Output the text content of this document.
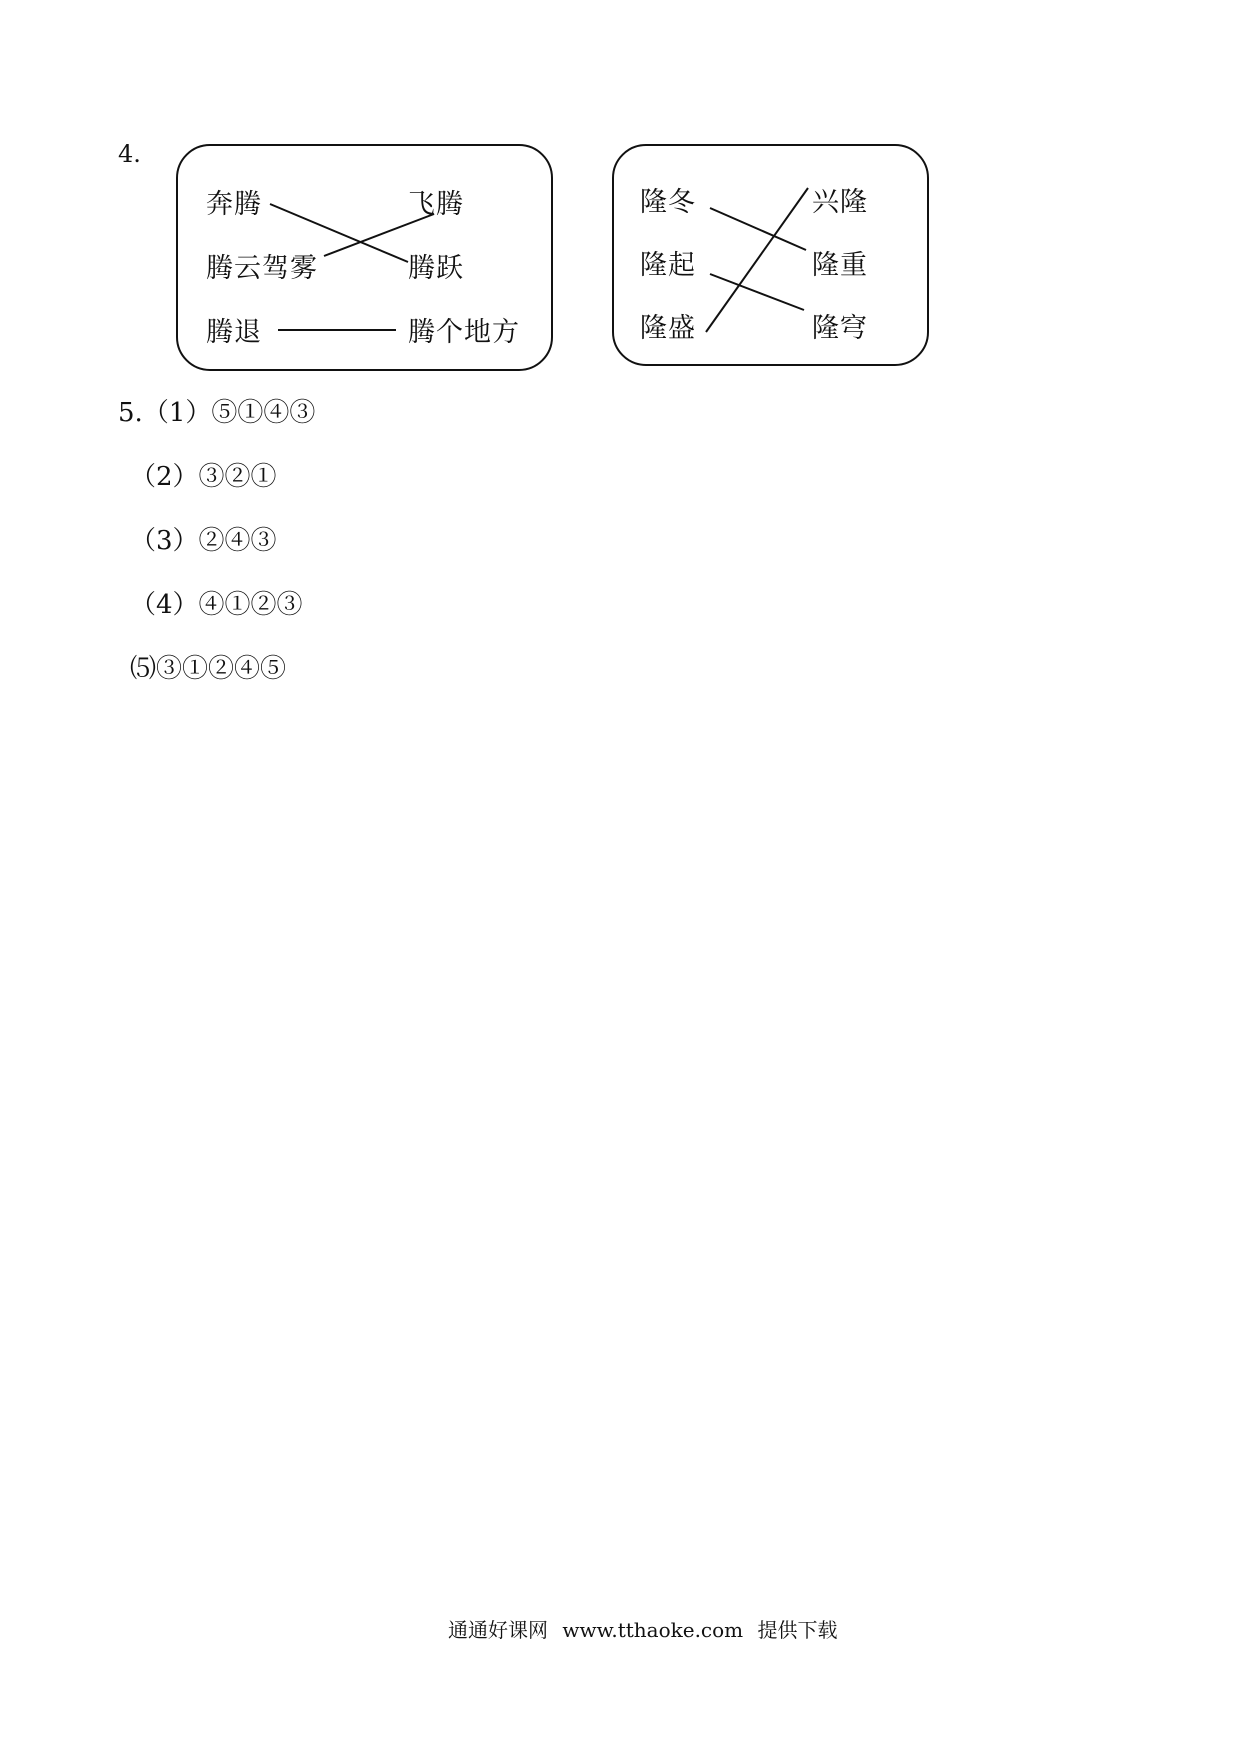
4.
奔腾
腾云驾雾
腾退
飞腾
腾跃
腾个地方
隆冬
隆起
隆盛
兴隆
隆重
隆穹
5.（1）⑤①④③
（2）③②①
（3）②④③
（4）④①②③
⑸③①②④⑤
通通好课网 www.tthaoke.com 提供下载
